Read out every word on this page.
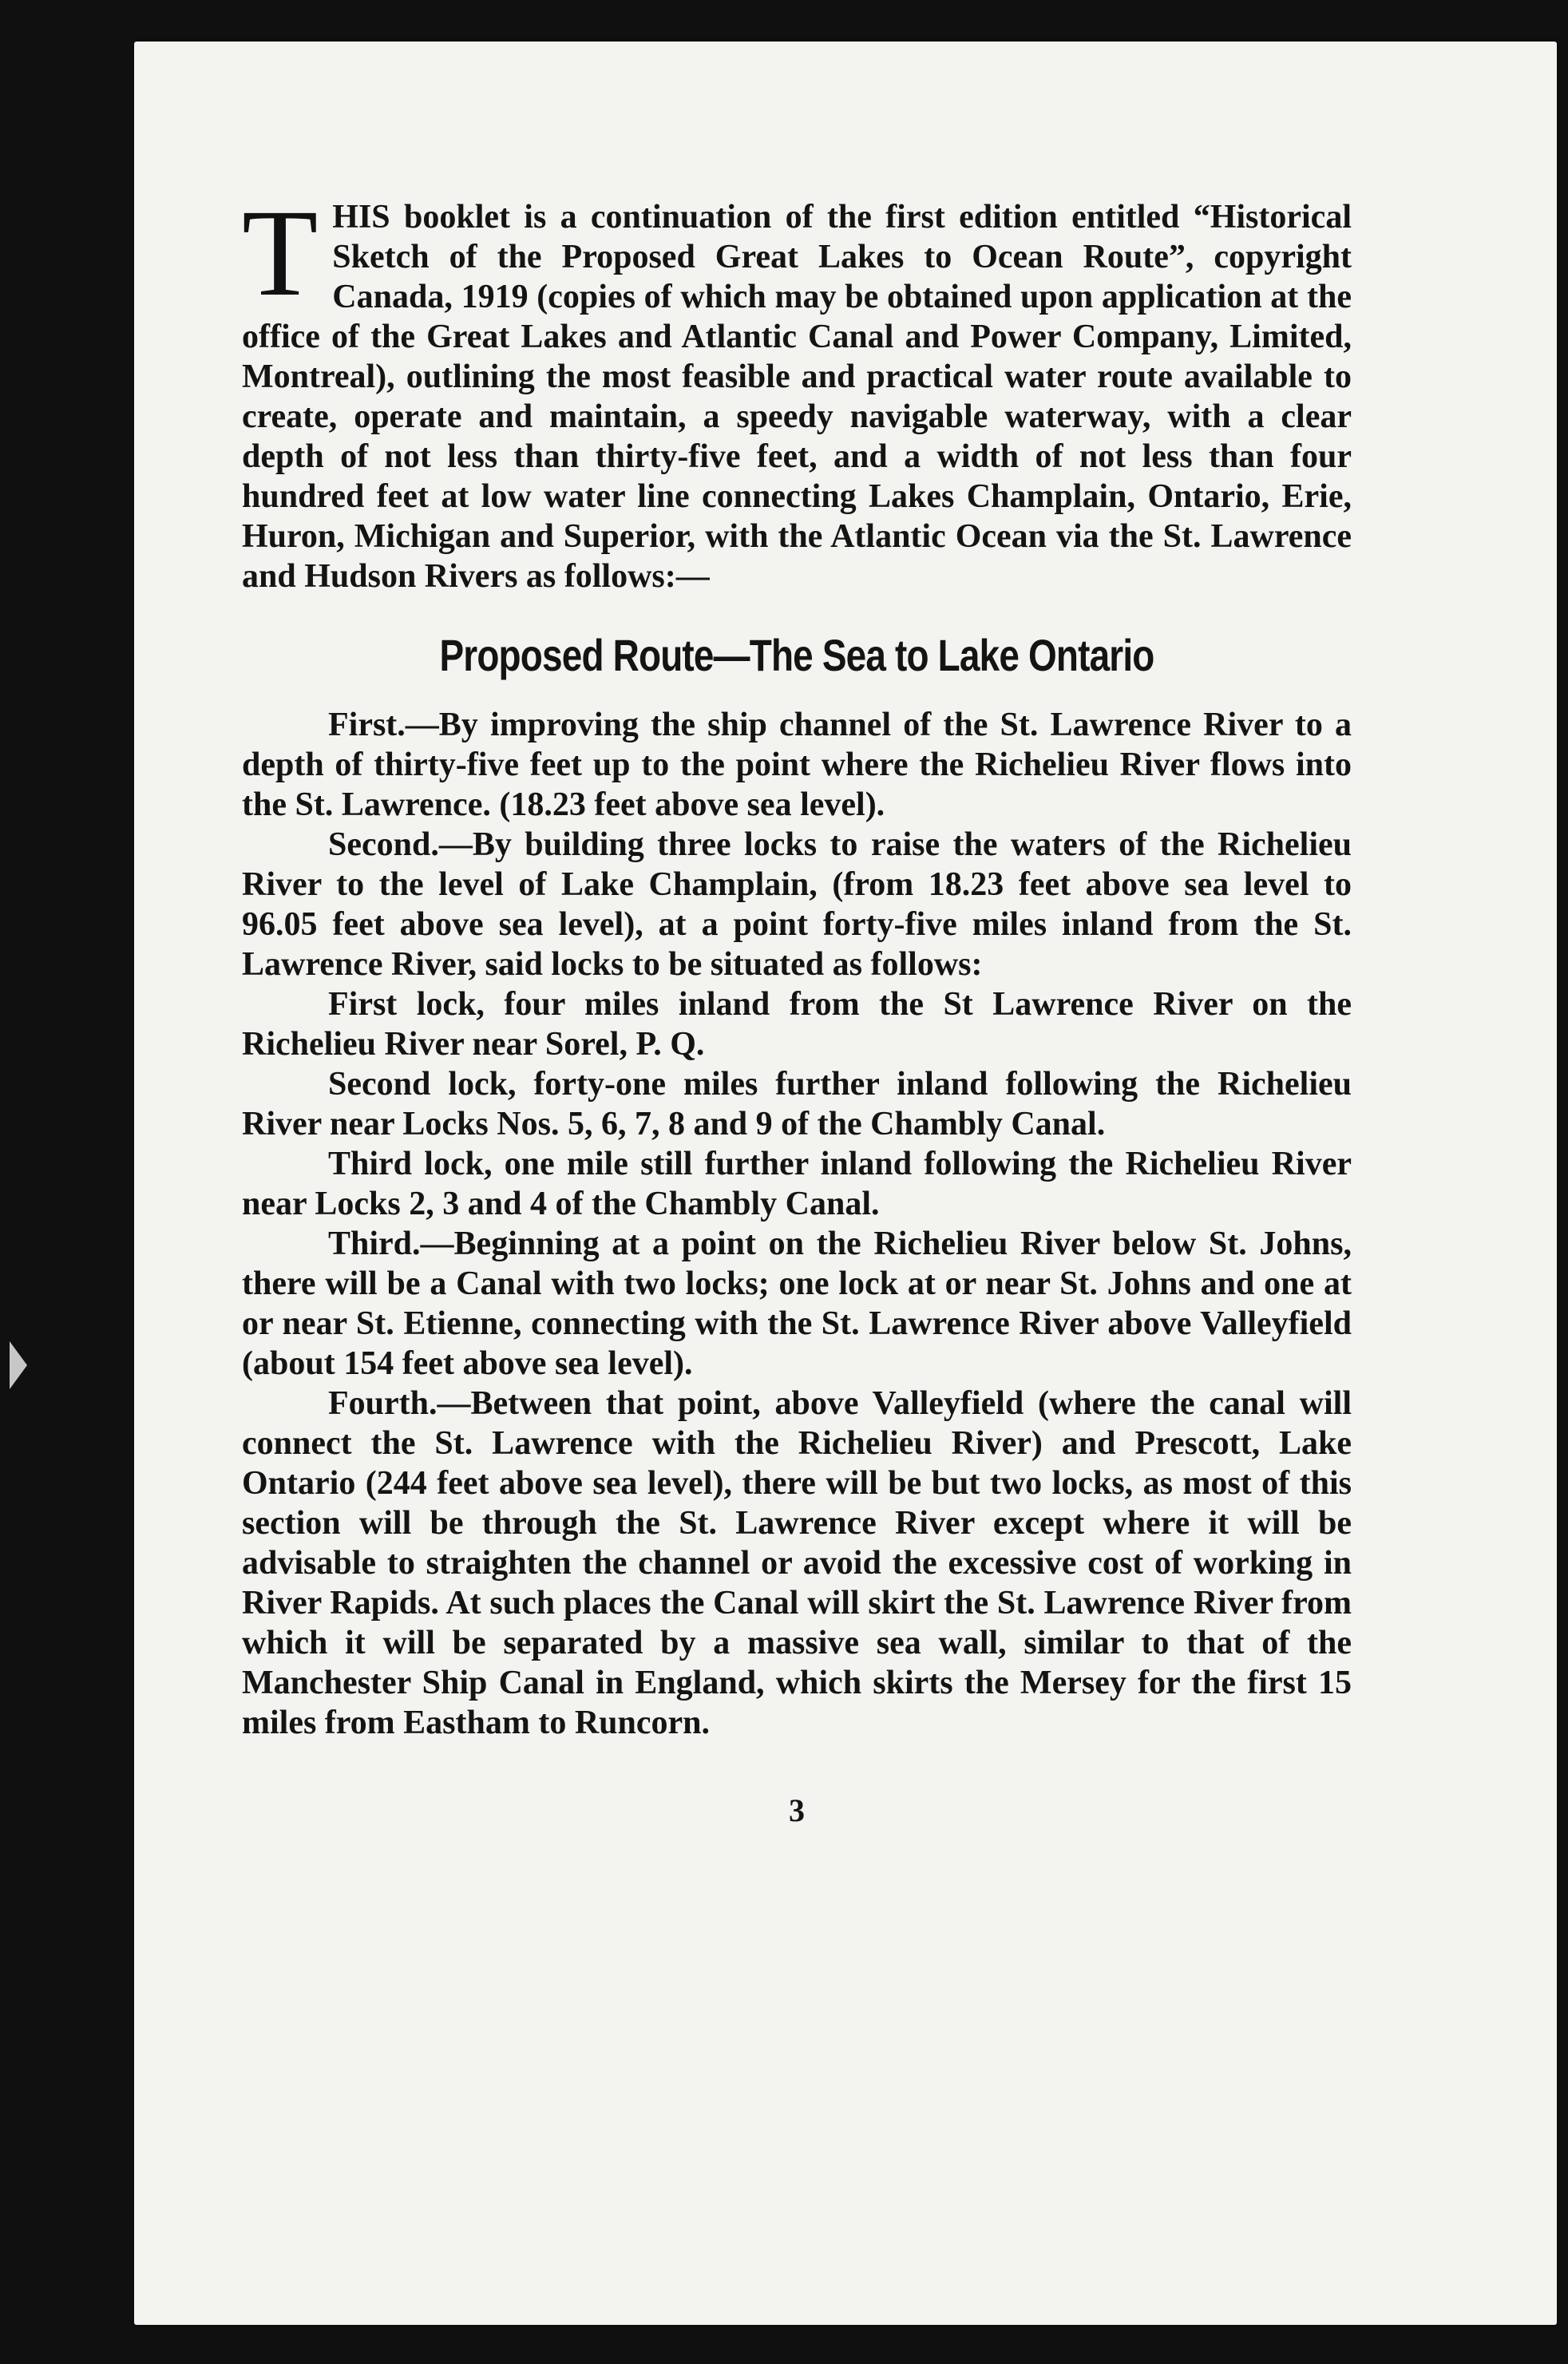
THIS booklet is a continuation of the first edition entitled “Historical Sketch of the Proposed Great Lakes to Ocean Route”, copyright Canada, 1919 (copies of which may be obtained upon application at the office of the Great Lakes and Atlantic Canal and Power Company, Limited, Montreal), outlining the most feasible and practical water route available to create, operate and maintain, a speedy navigable waterway, with a clear depth of not less than thirty-five feet, and a width of not less than four hundred feet at low water line connecting Lakes Champlain, Ontario, Erie, Huron, Michigan and Superior, with the Atlantic Ocean via the St. Lawrence and Hudson Rivers as follows:—

Proposed Route—The Sea to Lake Ontario

First.—By improving the ship channel of the St. Lawrence River to a depth of thirty-five feet up to the point where the Richelieu River flows into the St. Lawrence. (18.23 feet above sea level).

Second.—By building three locks to raise the waters of the Richelieu River to the level of Lake Champlain, (from 18.23 feet above sea level to 96.05 feet above sea level), at a point forty-five miles inland from the St. Lawrence River, said locks to be situated as follows:

First lock, four miles inland from the St Lawrence River on the Richelieu River near Sorel, P. Q.

Second lock, forty-one miles further inland following the Richelieu River near Locks Nos. 5, 6, 7, 8 and 9 of the Chambly Canal.

Third lock, one mile still further inland following the Richelieu River near Locks 2, 3 and 4 of the Chambly Canal.

Third.—Beginning at a point on the Richelieu River below St. Johns, there will be a Canal with two locks; one lock at or near St. Johns and one at or near St. Etienne, connecting with the St. Lawrence River above Valleyfield (about 154 feet above sea level).

Fourth.—Between that point, above Valleyfield (where the canal will connect the St. Lawrence with the Richelieu River) and Prescott, Lake Ontario (244 feet above sea level), there will be but two locks, as most of this section will be through the St. Lawrence River except where it will be advisable to straighten the channel or avoid the excessive cost of working in River Rapids. At such places the Canal will skirt the St. Lawrence River from which it will be separated by a massive sea wall, similar to that of the Manchester Ship Canal in England, which skirts the Mersey for the first 15 miles from Eastham to Runcorn.

3
